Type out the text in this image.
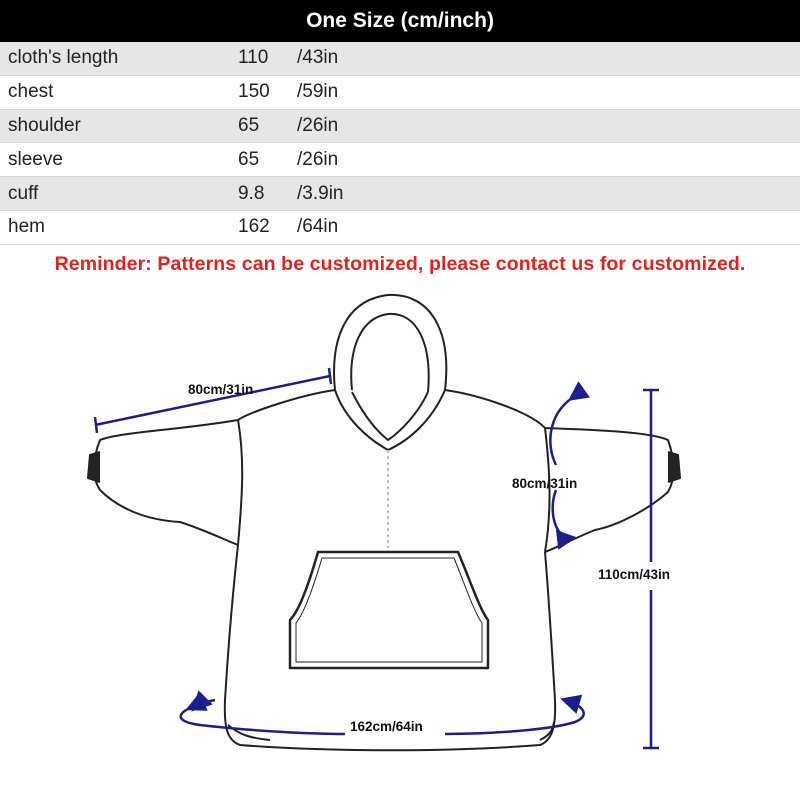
One Size (cm/inch)
cloth's length	110 /43in
chest	150 /59in
shoulder	65 /26in
sleeve	65 /26in
cuff	9.8 /3.9in
hem	162 /64in
Reminder: Patterns can be customized, please contact us for customized.
80cm/31in
80cm/31in
110cm/43in
162cm/64in
